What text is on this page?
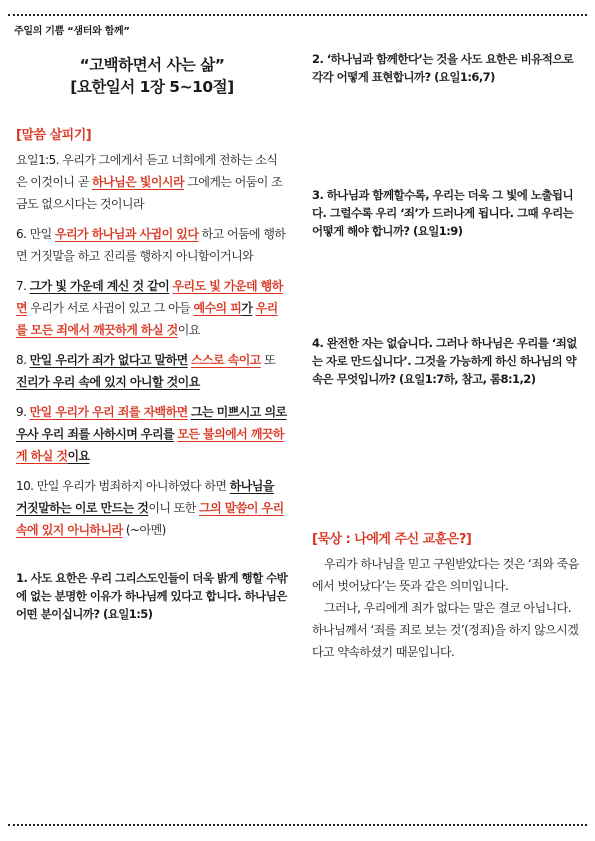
주일의 기쁨 “샘터와 함께”
“고백하면서 사는 삶”
[요한일서 1장 5~10절]
[말씀 살피기]

요일1:5. 우리가 그에게서 듣고 너희에게 전하는 소식은 이것이니 곧 하나님은 빛이시라 그에게는 어둠이 조금도 없으시다는 것이니라

6. 만일 우리가 하나님과 사귐이 있다 하고 어둠에 행하면 거짓말을 하고 진리를 행하지 아니함이거니와

7. 그가 빛 가운데 계신 것 같이 우리도 빛 가운데 행하면 우리가 서로 사귐이 있고 그 아들 예수의 피가 우리를 모든 죄에서 깨끗하게 하실 것이요

8. 만일 우리가 죄가 없다고 말하면 스스로 속이고 또 진리가 우리 속에 있지 아니할 것이요

9. 만일 우리가 우리 죄를 자백하면 그는 미쁘시고 의로우사 우리 죄를 사하시며 우리를 모든 불의에서 깨끗하게 하실 것이요

10. 만일 우리가 범죄하지 아니하였다 하면 하나님을 거짓말하는 이로 만드는 것이니 또한 그의 말씀이 우리 속에 있지 아니하니라 (~아멘)

1. 사도 요한은 우리 그리스도인들이 더욱 밝게 행할 수밖에 없는 분명한 이유가 하나님께 있다고 합니다. 하나님은 어떤 분이십니까? (요일1:5)

2. ‘하나님과 함께한다’는 것을 사도 요한은 비유적으로 각각 어떻게 표현합니까? (요일1:6,7)

3. 하나님과 함께할수록, 우리는 더욱 그 빛에 노출됩니다. 그럴수록 우리 ‘죄’가 드러나게 됩니다. 그때 우리는 어떻게 해야 합니까? (요일1:9)

4. 완전한 자는 없습니다. 그러나 하나님은 우리를 ‘죄없는 자로 만드십니다’. 그것을 가능하게 하신 하나님의 약속은 무엇입니까? (요일1:7하, 참고, 롬8:1,2)

[묵상 : 나에게 주신 교훈은?]

우리가 하나님을 믿고 구원받았다는 것은 ‘죄와 죽음에서 벗어났다’는 뜻과 같은 의미입니다.

그러나, 우리에게 죄가 없다는 말은 결코 아닙니다. 하나님께서 ‘죄를 죄로 보는 것’(정죄)을 하지 않으시겠다고 약속하셨기 때문입니다.
